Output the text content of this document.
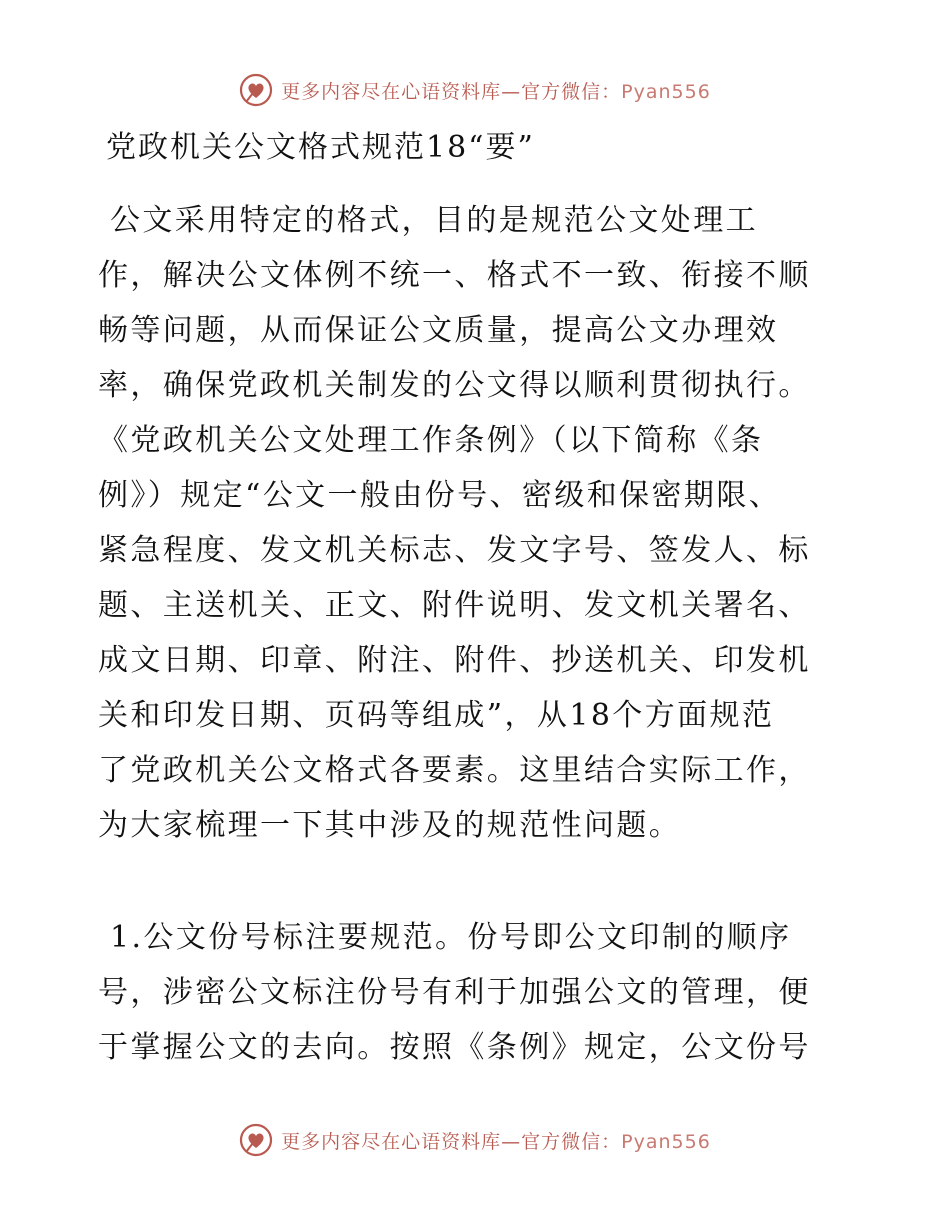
更多内容尽在心语资料库—官方微信：Pyan556
党政机关公文格式规范18“要”
公文采用特定的格式，目的是规范公文处理工
作，解决公文体例不统一、格式不一致、衔接不顺
畅等问题，从而保证公文质量，提高公文办理效
率，确保党政机关制发的公文得以顺利贯彻执行。
《党政机关公文处理工作条例》（以下简称《条
例》）规定“公文一般由份号、密级和保密期限、
紧急程度、发文机关标志、发文字号、签发人、标
题、主送机关、正文、附件说明、发文机关署名、
成文日期、印章、附注、附件、抄送机关、印发机
关和印发日期、页码等组成”，从18个方面规范
了党政机关公文格式各要素。这里结合实际工作，
为大家梳理一下其中涉及的规范性问题。
1.公文份号标注要规范。份号即公文印制的顺序
号，涉密公文标注份号有利于加强公文的管理，便
于掌握公文的去向。按照《条例》规定，公文份号
更多内容尽在心语资料库—官方微信：Pyan556
